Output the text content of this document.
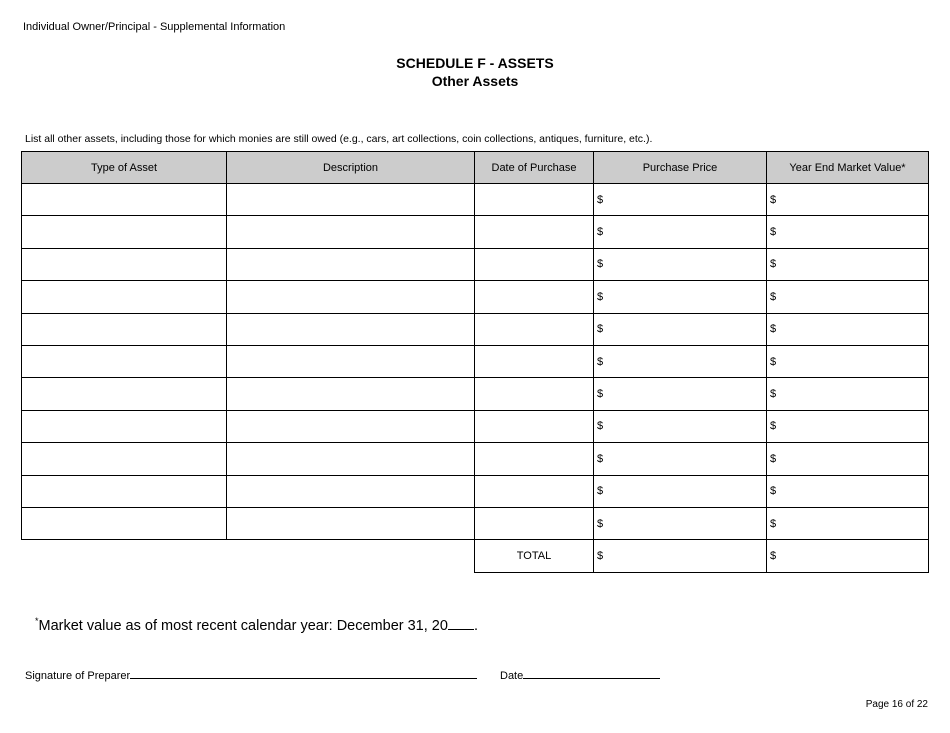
Individual Owner/Principal - Supplemental Information
SCHEDULE F - ASSETS
Other Assets
List all other assets, including those for which monies are still owed (e.g., cars, art collections, coin collections, antiques, furniture, etc.).
Type of Asset	Description	Date of Purchase	Purchase Price	Year End Market Value*
			$	$
			$	$
			$	$
			$	$
			$	$
			$	$
			$	$
			$	$
			$	$
			$	$
			$	$
		TOTAL	$	$
*Market value as of most recent calendar year: December 31, 20 .
Signature of Preparer	Date
Page 16 of 22
